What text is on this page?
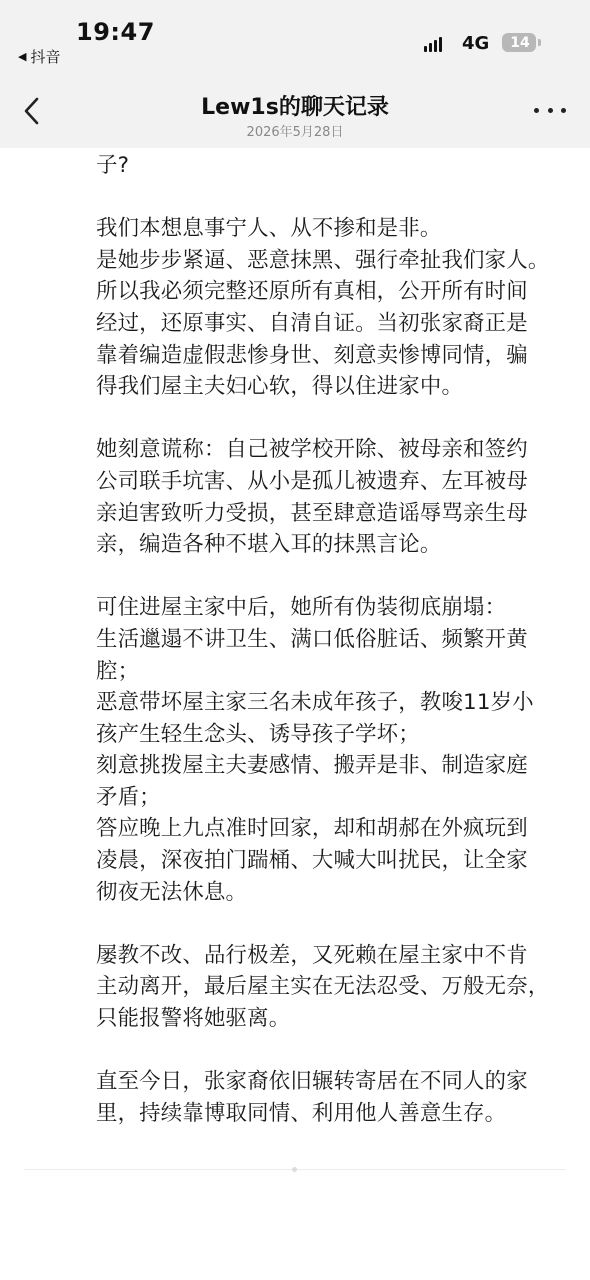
19:47
◀ 抖音
4G 14
Lew1s的聊天记录
2026年5月28日
子?
我们本想息事宁人、从不掺和是非。
是她步步紧逼、恶意抹黑、强行牵扯我们家人。
所以我必须完整还原所有真相，公开所有时间
经过，还原事实、自清自证。当初张家裔正是
靠着编造虚假悲惨身世、刻意卖惨博同情，骗
得我们屋主夫妇心软，得以住进家中。
她刻意谎称：自己被学校开除、被母亲和签约
公司联手坑害、从小是孤儿被遗弃、左耳被母
亲迫害致听力受损，甚至肆意造谣辱骂亲生母
亲，编造各种不堪入耳的抹黑言论。
可住进屋主家中后，她所有伪装彻底崩塌：
生活邋遢不讲卫生、满口低俗脏话、频繁开黄
腔；
恶意带坏屋主家三名未成年孩子，教唆11岁小
孩产生轻生念头、诱导孩子学坏；
刻意挑拨屋主夫妻感情、搬弄是非、制造家庭
矛盾；
答应晚上九点准时回家，却和胡郝在外疯玩到
凌晨，深夜拍门踹桶、大喊大叫扰民，让全家
彻夜无法休息。
屡教不改、品行极差，又死赖在屋主家中不肯
主动离开，最后屋主实在无法忍受、万般无奈，
只能报警将她驱离。
直至今日，张家裔依旧辗转寄居在不同人的家
里，持续靠博取同情、利用他人善意生存。
